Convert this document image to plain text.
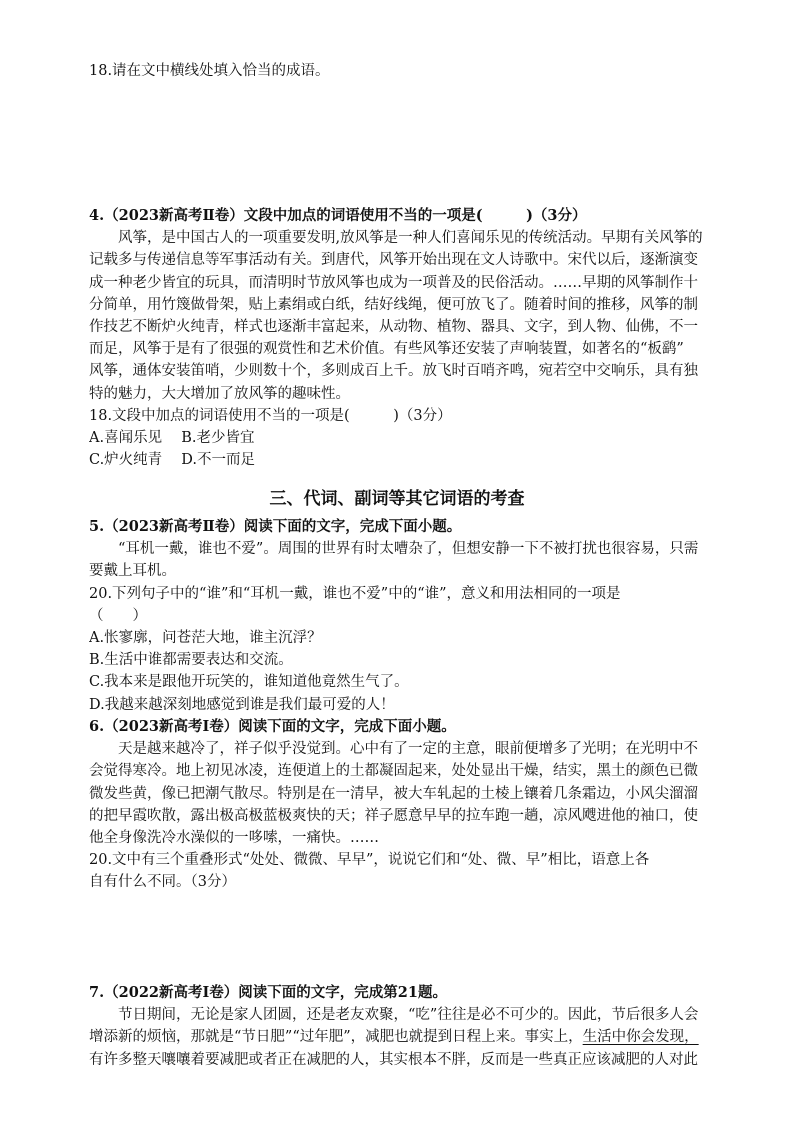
18.请在文中横线处填入恰当的成语。
4.（2023新高考Ⅱ卷）文段中加点的词语使用不当的一项是(　　　)（3分）
风筝，是中国古人的一项重要发明,放风筝是一种人们喜闻乐见的传统活动。早期有关风筝的
记载多与传递信息等军事活动有关。到唐代，风筝开始出现在文人诗歌中。宋代以后，逐渐演变
成一种老少皆宜的玩具，而清明时节放风筝也成为一项普及的民俗活动。……早期的风筝制作十
分简单，用竹篾做骨架，贴上素绢或白纸，结好线绳，便可放飞了。随着时间的推移，风筝的制
作技艺不断炉火纯青，样式也逐渐丰富起来，从动物、植物、器具、文字，到人物、仙佛，不一
而足，风筝于是有了很强的观赏性和艺术价值。有些风筝还安装了声响装置，如著名的“板鹞”
风筝，通体安装笛哨，少则数十个，多则成百上千。放飞时百哨齐鸣，宛若空中交响乐，具有独
特的魅力，大大增加了放风筝的趣味性。
18.文段中加点的词语使用不当的一项是(　　　)（3分）
A.喜闻乐见　 B.老少皆宜
C.炉火纯青　 D.不一而足
三、代词、副词等其它词语的考查
5.（2023新高考Ⅱ卷）阅读下面的文字，完成下面小题。
“耳机一戴，谁也不爱”。周围的世界有时太嘈杂了，但想安静一下不被打扰也很容易，只需
要戴上耳机。
20.下列句子中的“谁”和“耳机一戴，谁也不爱”中的“谁”，意义和用法相同的一项是
（　　）
A.怅寥廓，问苍茫大地，谁主沉浮？
B.生活中谁都需要表达和交流。
C.我本来是跟他开玩笑的，谁知道他竟然生气了。
D.我越来越深刻地感觉到谁是我们最可爱的人！
6.（2023新高考Ⅰ卷）阅读下面的文字，完成下面小题。
天是越来越冷了，祥子似乎没觉到。心中有了一定的主意，眼前便增多了光明；在光明中不
会觉得寒冷。地上初见冰凌，连便道上的土都凝固起来，处处显出干燥，结实，黑土的颜色已微
微发些黄，像已把潮气散尽。特别是在一清早，被大车轧起的土棱上镶着几条霜边，小风尖溜溜
的把早霞吹散，露出极高极蓝极爽快的天；祥子愿意早早的拉车跑一趟，凉风飕进他的袖口，使
他全身像洗冷水澡似的一哆嗦，一痛快。……
20.文中有三个重叠形式“处处、微微、早早”，说说它们和“处、微、早”相比，语意上各
自有什么不同。（3分）
7.（2022新高考Ⅰ卷）阅读下面的文字，完成第21题。
节日期间，无论是家人团圆，还是老友欢聚，“吃”往往是必不可少的。因此，节后很多人会
增添新的烦恼，那就是“节日肥”“过年肥”，减肥也就提到日程上来。事实上，生活中你会发现，
有许多整天嚷嚷着要减肥或者正在减肥的人，其实根本不胖，反而是一些真正应该减肥的人对此
